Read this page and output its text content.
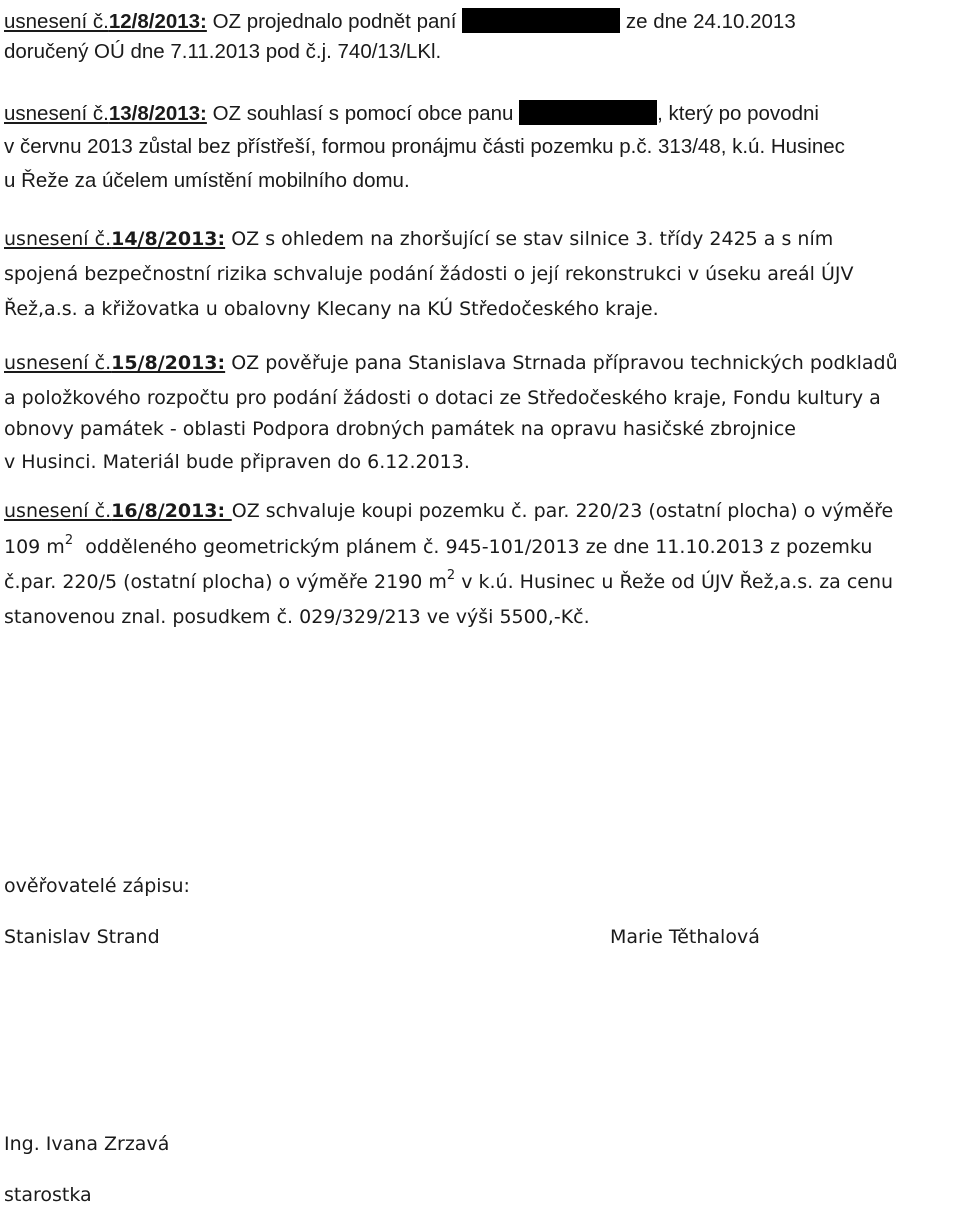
usnesení č.12/8/2013: OZ projednalo podnět paní	ze dne 24.10.2013
doručený OÚ dne 7.11.2013 pod č.j. 740/13/LKl.
usnesení č.13/8/2013: OZ souhlasí s pomocí obce panu	, který po povodni
v červnu 2013 zůstal bez přístřeší, formou pronájmu části pozemku p.č. 313/48, k.ú. Husinec
u Řeže za účelem umístění mobilního domu.
usnesení č.14/8/2013: OZ s ohledem na zhoršující se stav silnice 3. třídy 2425 a s ním
spojená bezpečnostní rizika schvaluje podání žádosti o její rekonstrukci v úseku areál ÚJV
Řež,a.s. a křižovatka u obalovny Klecany na KÚ Středočeského kraje.
usnesení č.15/8/2013: OZ pověřuje pana Stanislava Strnada přípravou technických podkladů
a položkového rozpočtu pro podání žádosti o dotaci ze Středočeského kraje, Fondu kultury a
obnovy památek - oblasti Podpora drobných památek na opravu hasičské zbrojnice
v Husinci. Materiál bude připraven do 6.12.2013.
usnesení č.16/8/2013: OZ schvaluje koupi pozemku č. par. 220/23 (ostatní plocha) o výměře
109 $m^2$ odděleného geometrickým plánem č. 945-101/2013 ze dne 11.10.2013 z pozemku
č.par. 220/5 (ostatní plocha) o výměře 2190 $m^2$ v k.ú. Husinec u Řeže od ÚJV Řež,a.s. za cenu
stanovenou znal. posudkem č. 029/329/213 ve výši 5500,-Kč.
ověřovatelé zápisu:
Stanislav Strand	Marie Těthalová
Ing. Ivana Zrzavá
starostka
